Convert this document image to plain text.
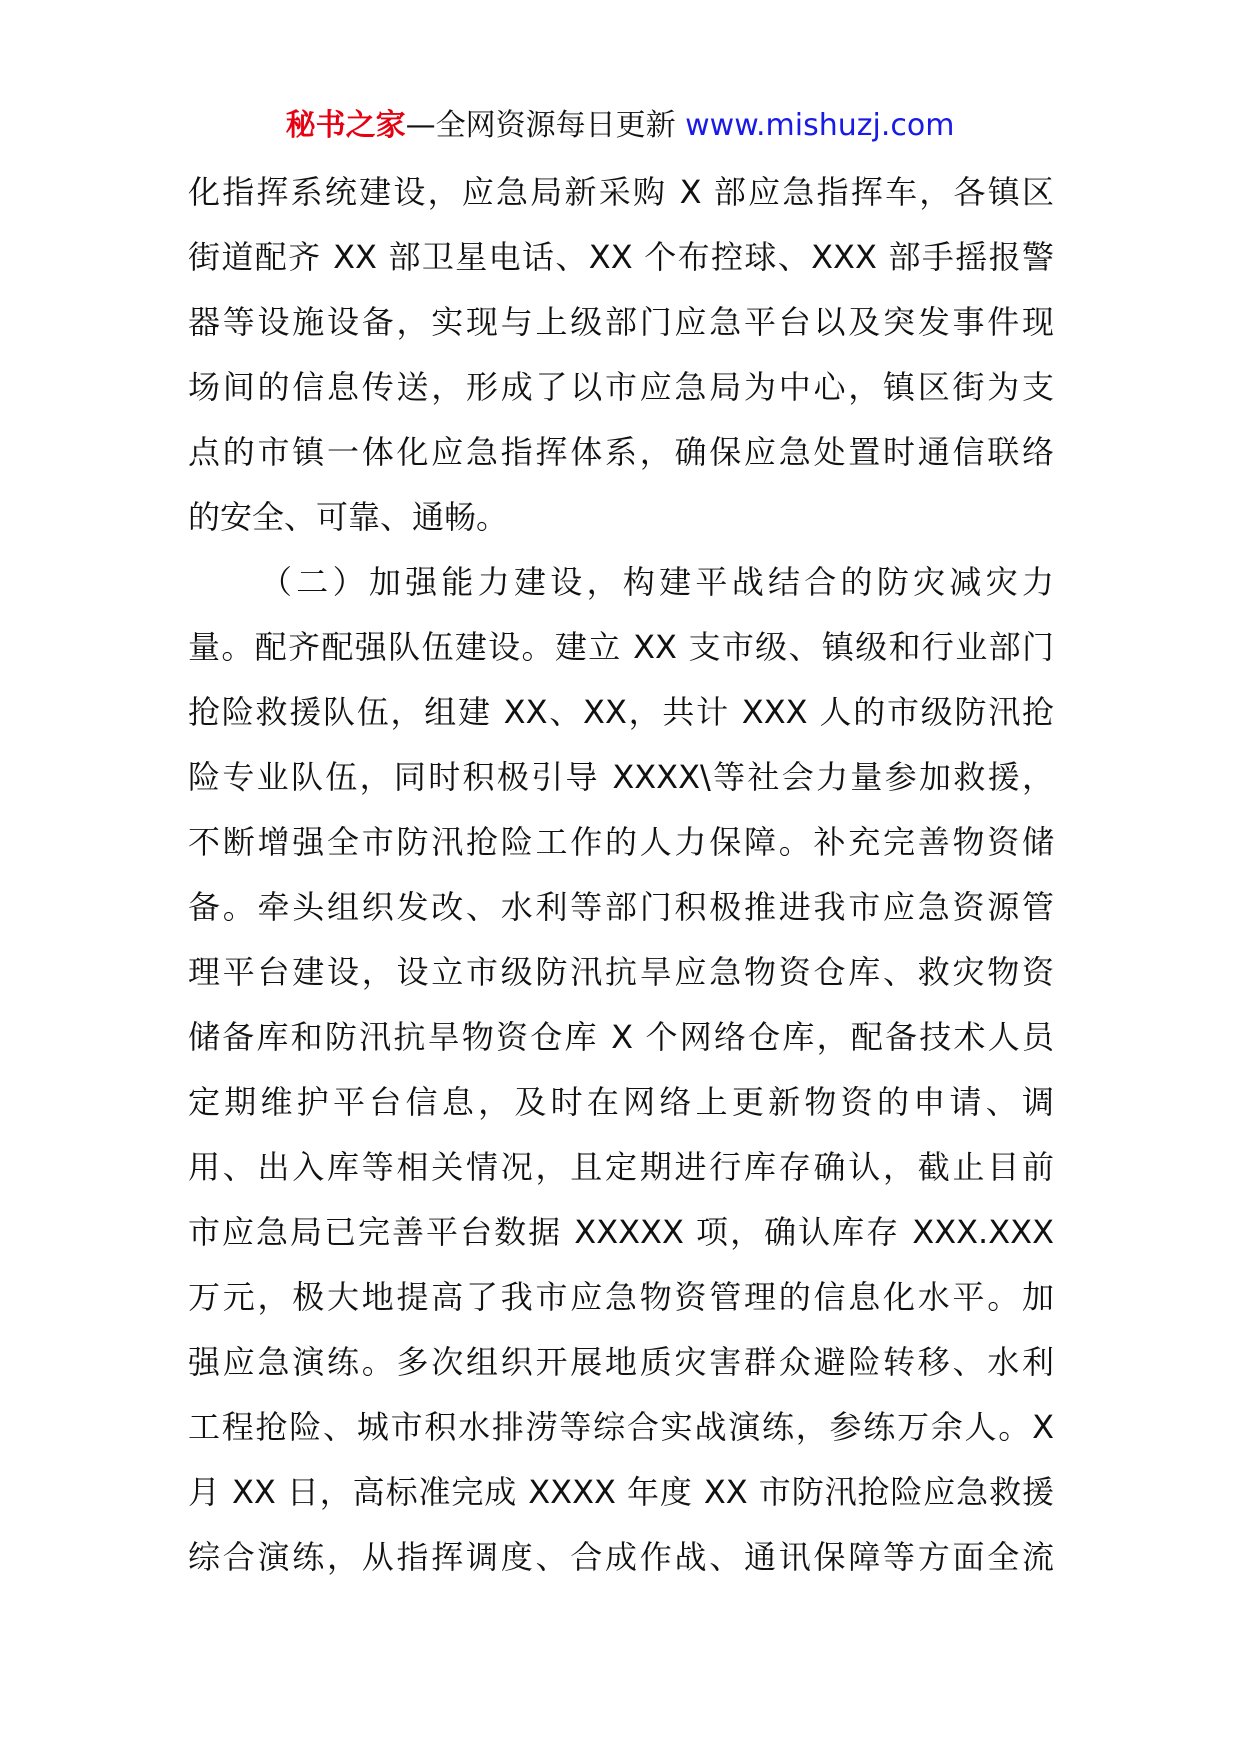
秘书之家—全网资源每日更新 www.mishuzj.com
化指挥系统建设，应急局新采购 X 部应急指挥车，各镇区
街道配齐 XX 部卫星电话、XX 个布控球、XXX 部手摇报警
器等设施设备，实现与上级部门应急平台以及突发事件现
场间的信息传送，形成了以市应急局为中心，镇区街为支
点的市镇一体化应急指挥体系，确保应急处置时通信联络
的安全、可靠、通畅。
（二）加强能力建设，构建平战结合的防灾减灾力
量。配齐配强队伍建设。建立 XX 支市级、镇级和行业部门
抢险救援队伍，组建 XX、XX，共计 XXX 人的市级防汛抢
险专业队伍，同时积极引导 XXXX\等社会力量参加救援，
不断增强全市防汛抢险工作的人力保障。补充完善物资储
备。牵头组织发改、水利等部门积极推进我市应急资源管
理平台建设，设立市级防汛抗旱应急物资仓库、救灾物资
储备库和防汛抗旱物资仓库 X 个网络仓库，配备技术人员
定期维护平台信息，及时在网络上更新物资的申请、调
用、出入库等相关情况，且定期进行库存确认，截止目前
市应急局已完善平台数据 XXXXX 项，确认库存 XXX.XXX
万元，极大地提高了我市应急物资管理的信息化水平。加
强应急演练。多次组织开展地质灾害群众避险转移、水利
工程抢险、城市积水排涝等综合实战演练，参练万余人。X
月 XX 日，高标准完成 XXXX 年度 XX 市防汛抢险应急救援
综合演练，从指挥调度、合成作战、通讯保障等方面全流
